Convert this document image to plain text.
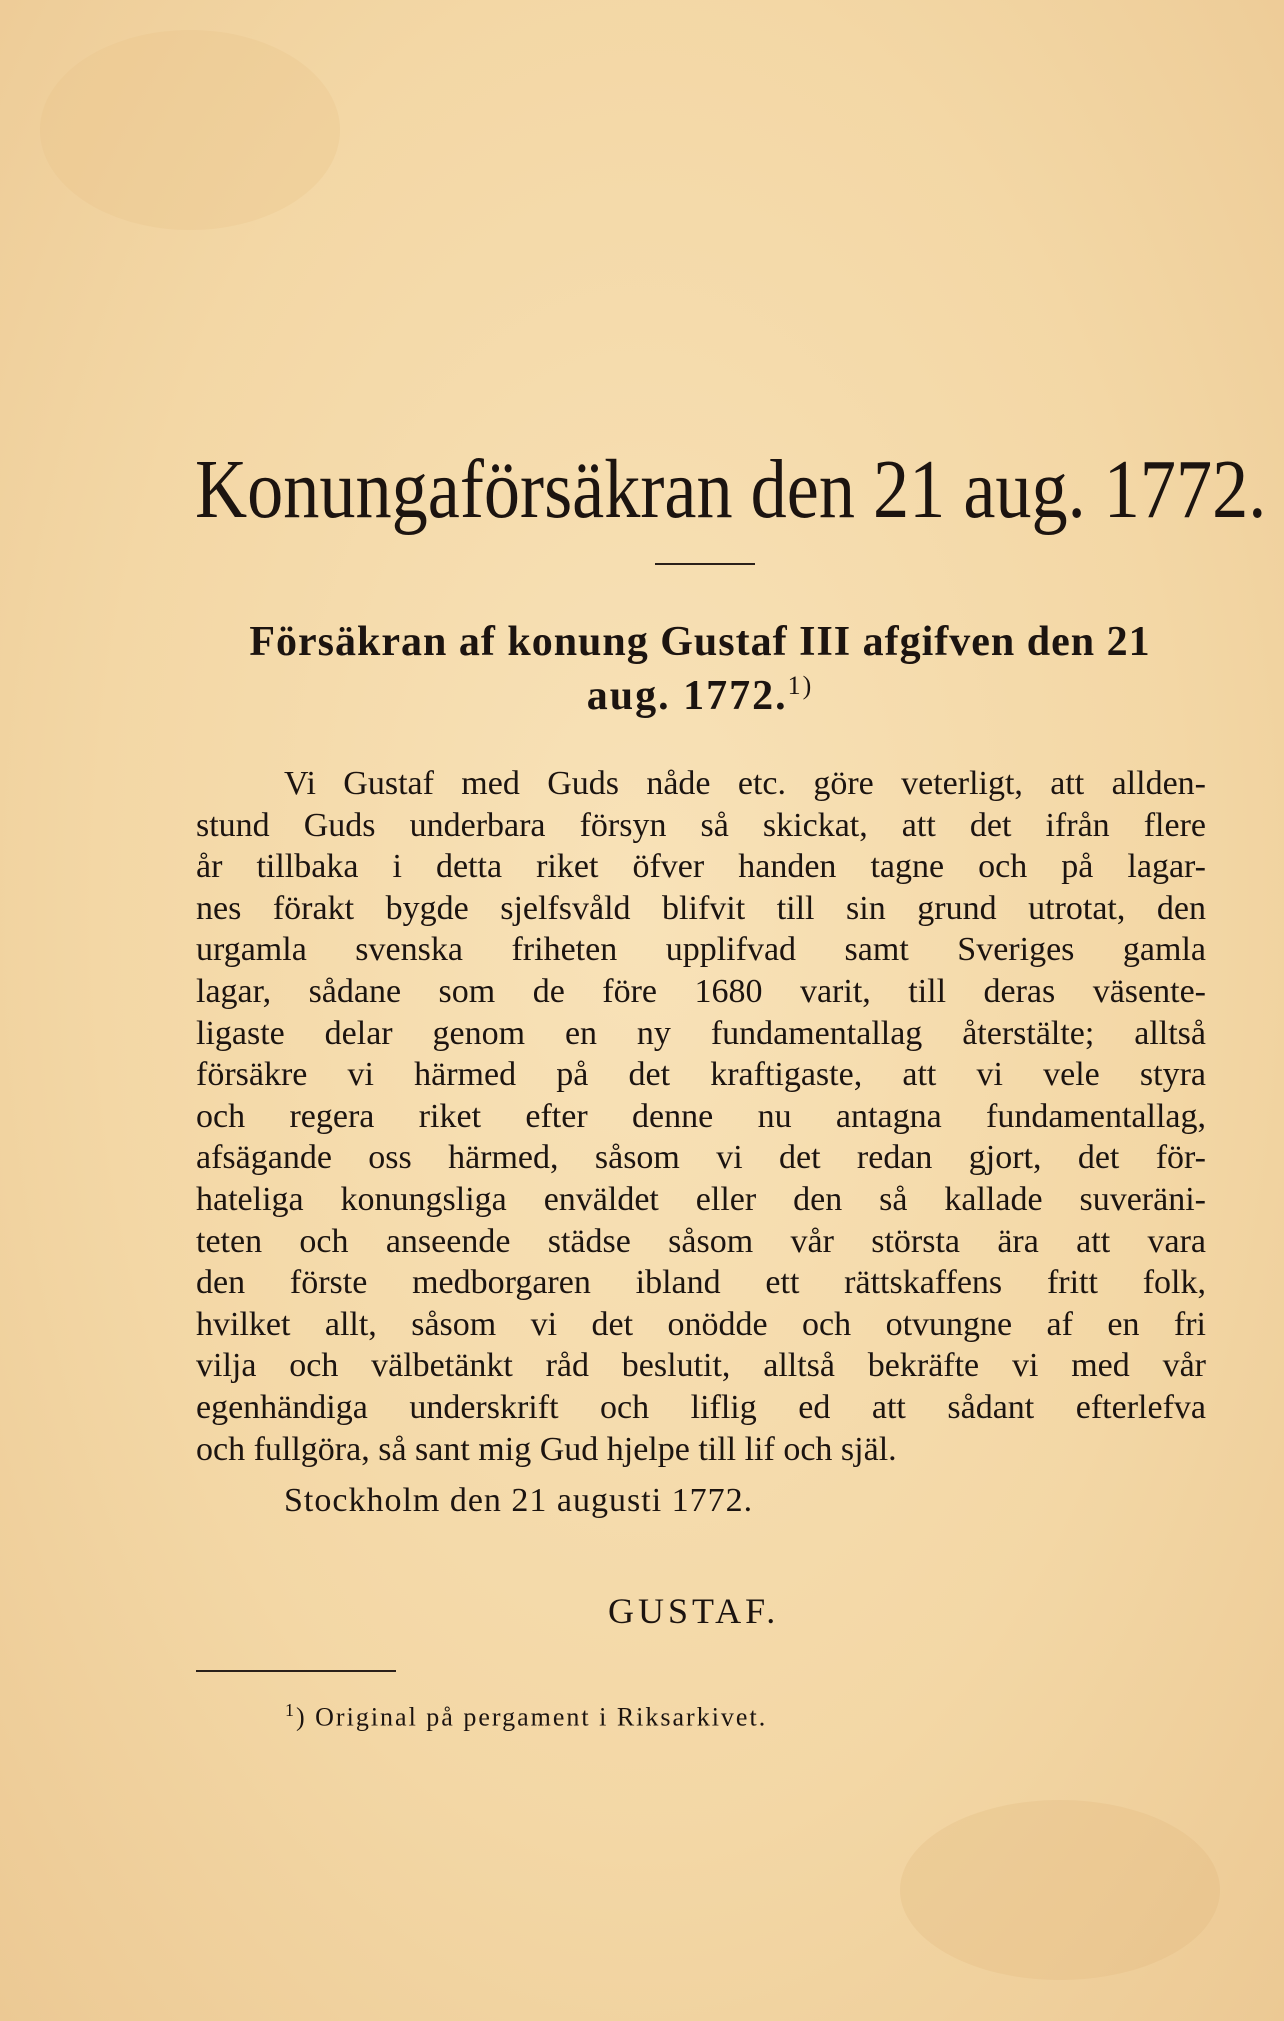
Konungaförsäkran den 21 aug. 1772.

Försäkran af konung Gustaf III afgifven den 21

aug. 1772.$^{1)}$

Vi Gustaf med Guds nåde etc. göre veterligt, att allden-
stund Guds underbara försyn så skickat, att det ifrån flere
år tillbaka i detta riket öfver handen tagne och på lagar-
nes förakt bygde sjelfsvåld blifvit till sin grund utrotat, den
urgamla svenska friheten upplifvad samt Sveriges gamla
lagar, sådane som de före 1680 varit, till deras väsente-
ligaste delar genom en ny fundamentallag återstälte; alltså
försäkre vi härmed på det kraftigaste, att vi vele styra
och regera riket efter denne nu antagna fundamentallag,
afsägande oss härmed, såsom vi det redan gjort, det för-
hateliga konungsliga enväldet eller den så kallade suveräni-
teten och anseende städse såsom vår största ära att vara
den förste medborgaren ibland ett rättskaffens fritt folk,
hvilket allt, såsom vi det onödde och otvungne af en fri
vilja och välbetänkt råd beslutit, alltså bekräfte vi med vår
egenhändiga underskrift och liflig ed att sådant efterlefva
och fullgöra, så sant mig Gud hjelpe till lif och själ.
Stockholm den 21 augusti 1772.
GUSTAF.
$^1$) Original på pergament i Riksarkivet.
